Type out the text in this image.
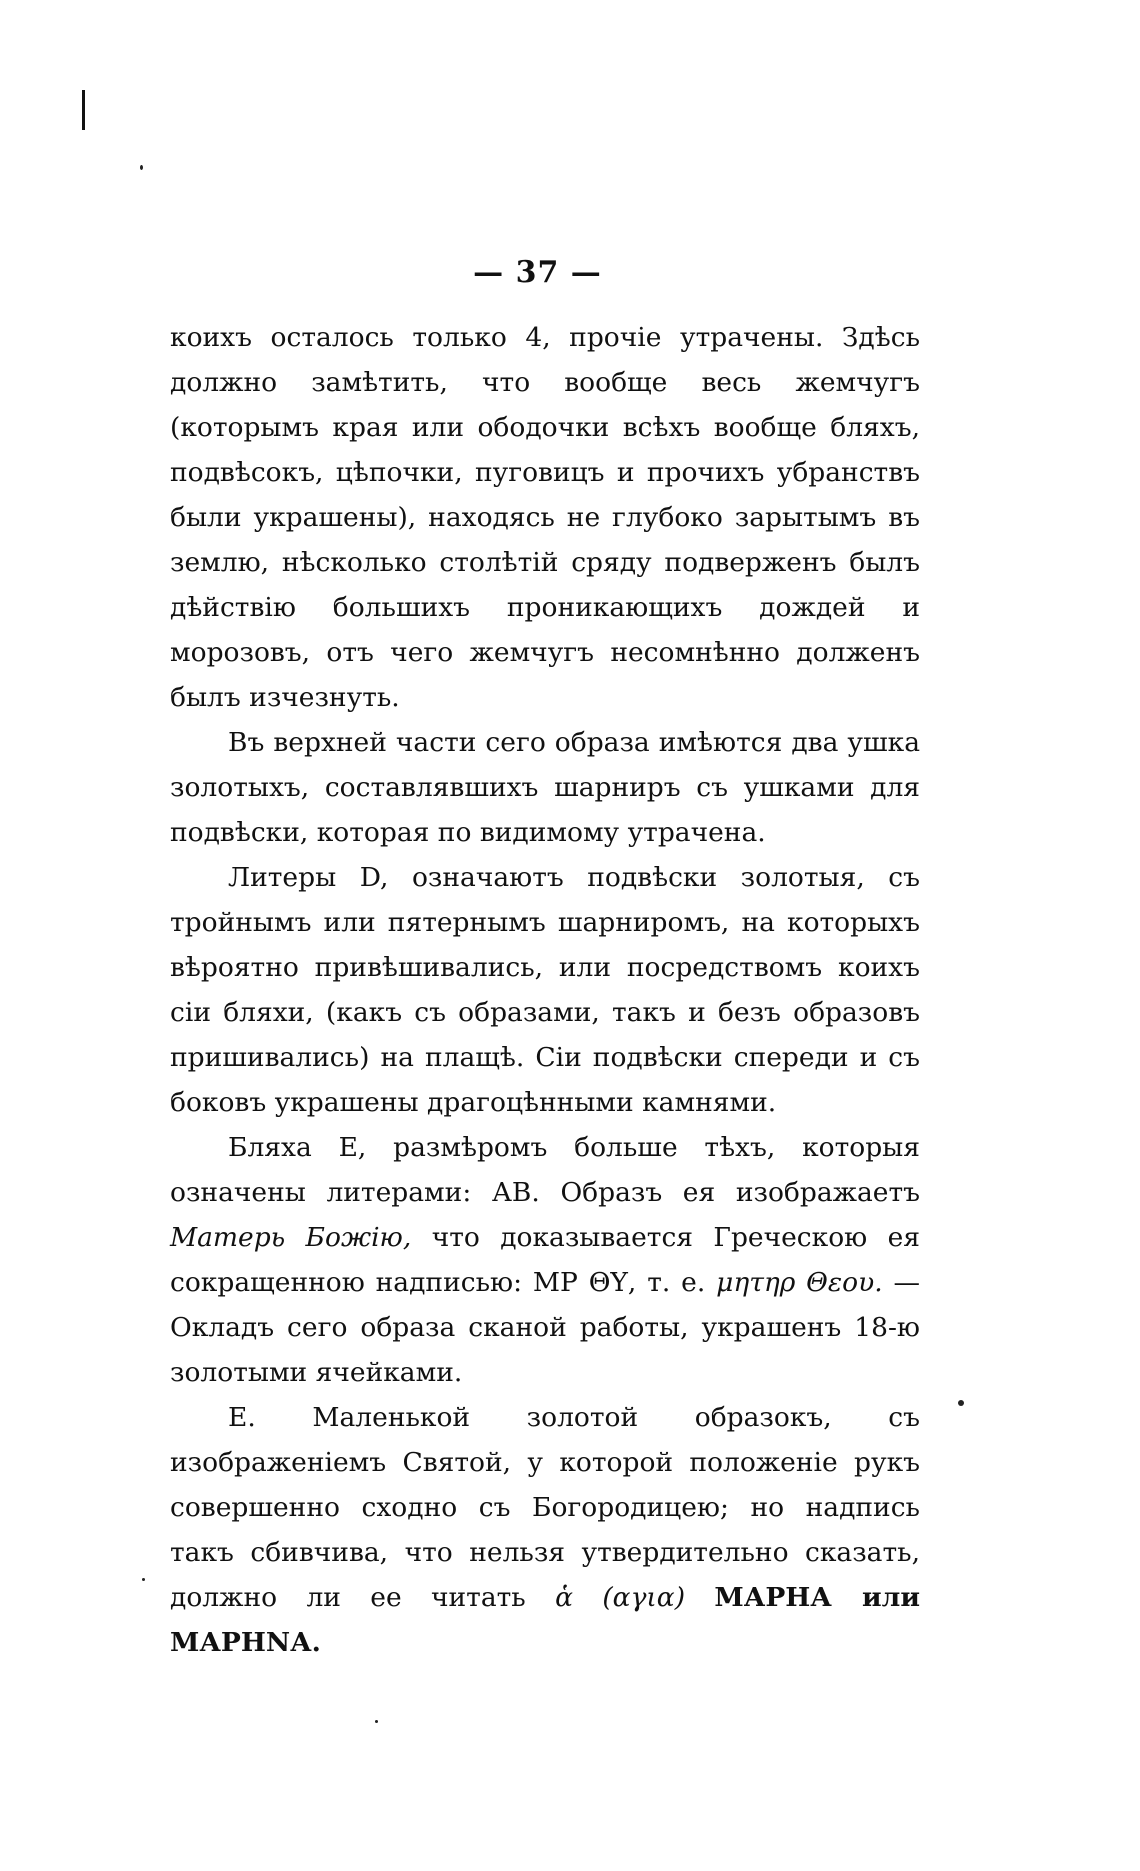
— 37 —

коихъ осталось только 4, прочіе утрачены. Здѣсь должно замѣтить, что вообще весь жемчугъ (которымъ края или ободочки всѣхъ вообще бляхъ, подвѣсокъ, цѣпочки, пуговицъ и прочихъ убранствъ были украшены), находясь не глубоко зарытымъ въ землю, нѣсколько столѣтій сряду подверженъ былъ дѣйствію большихъ проникающихъ дождей и морозовъ, отъ чего жемчугъ несомнѣнно долженъ былъ изчезнуть.

Въ верхней части сего образа имѣются два ушка золотыхъ, составлявшихъ шарниръ съ ушками для подвѣски, которая по видимому утрачена.

Литеры D, означаютъ подвѣски золотыя, съ тройнымъ или пятернымъ шарниромъ, на которыхъ вѣроятно привѣшивались, или посредствомъ коихъ сіи бляхи, (какъ съ образами, такъ и безъ образовъ пришивались) на плащѣ. Сіи подвѣски спереди и съ боковъ украшены драгоцѣнными камнями.

Бляха Е, размѣромъ больше тѣхъ, которыя означены литерами: АВ. Образъ ея изображаетъ Матерь Божію, что доказывается Греческою ея сокращенною надписью: МР ΘΥ, т. е. μητηρ Θεου. — Окладъ сего образа сканой работы, украшенъ 18-ю золотыми ячейками.

Е. Маленькой золотой образокъ, съ изображеніемъ Святой, у которой положеніе рукъ совершенно сходно съ Богородицею; но надпись такъ сбивчива, что нельзя утвердительно сказать, должно ли ее читать ἁ (αγια) МАРНА или МАРНNА.
